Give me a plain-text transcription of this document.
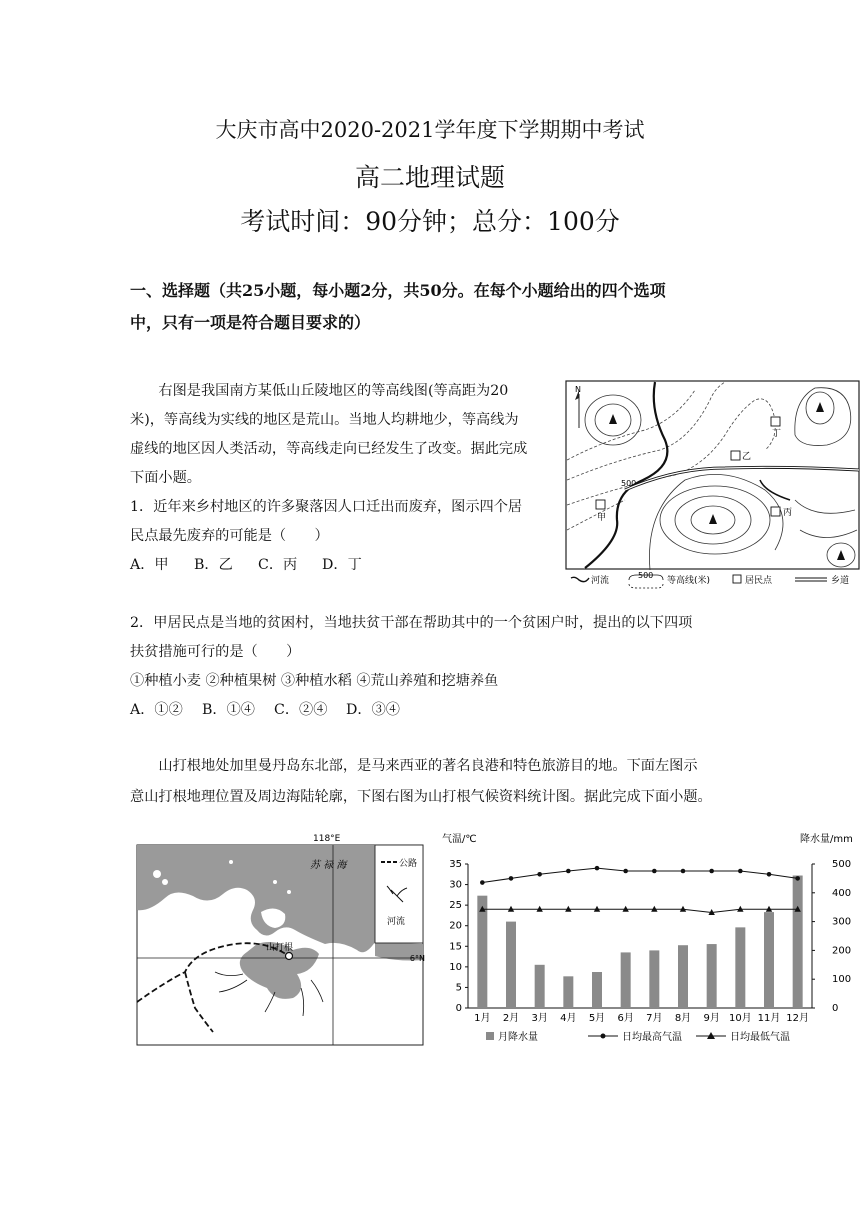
大庆市高中2020-2021学年度下学期期中考试
高二地理试题
考试时间：90分钟；总分：100分
一、选择题（共25小题，每小题2分，共50分。在每个小题给出的四个选项
中，只有一项是符合题目要求的）
右图是我国南方某低山丘陵地区的等高线图(等高距为20
米)，等高线为实线的地区是荒山。当地人均耕地少，等高线为
虚线的地区因人类活动，等高线走向已经发生了改变。据此完成
下面小题。
1．近年来乡村地区的许多聚落因人口迁出而废弃，图示四个居
民点最先废弃的可能是（　　）
A．甲 B．乙 C．丙 D．丁
2．甲居民点是当地的贫困村，当地扶贫干部在帮助其中的一个贫困户时，提出的以下四项
扶贫措施可行的是（　　）
①种植小麦 ②种植果树 ③种植水稻 ④荒山养殖和挖塘养鱼
A．①② B．①④ C．②④ D．③④
山打根地处加里曼丹岛东北部，是马来西亚的著名良港和特色旅游目的地。下面左图示
意山打根地理位置及周边海陆轮廓，下图右图为山打根气候资料统计图。据此完成下面小题。
N
500
甲
乙
丙
丁
河流
500
等高线(米)	居民点	乡道
118°E
公路
河流
苏 禄 海
6°N
山打根
气温/℃	降水量/mm
35
30
25
20
15
10
5
0
500
400
300
200
100
0
1月 2月 3月 4月 5月 6月 7月 8月 9月 10月 11月 12月
月降水量	日均最高气温	日均最低气温
